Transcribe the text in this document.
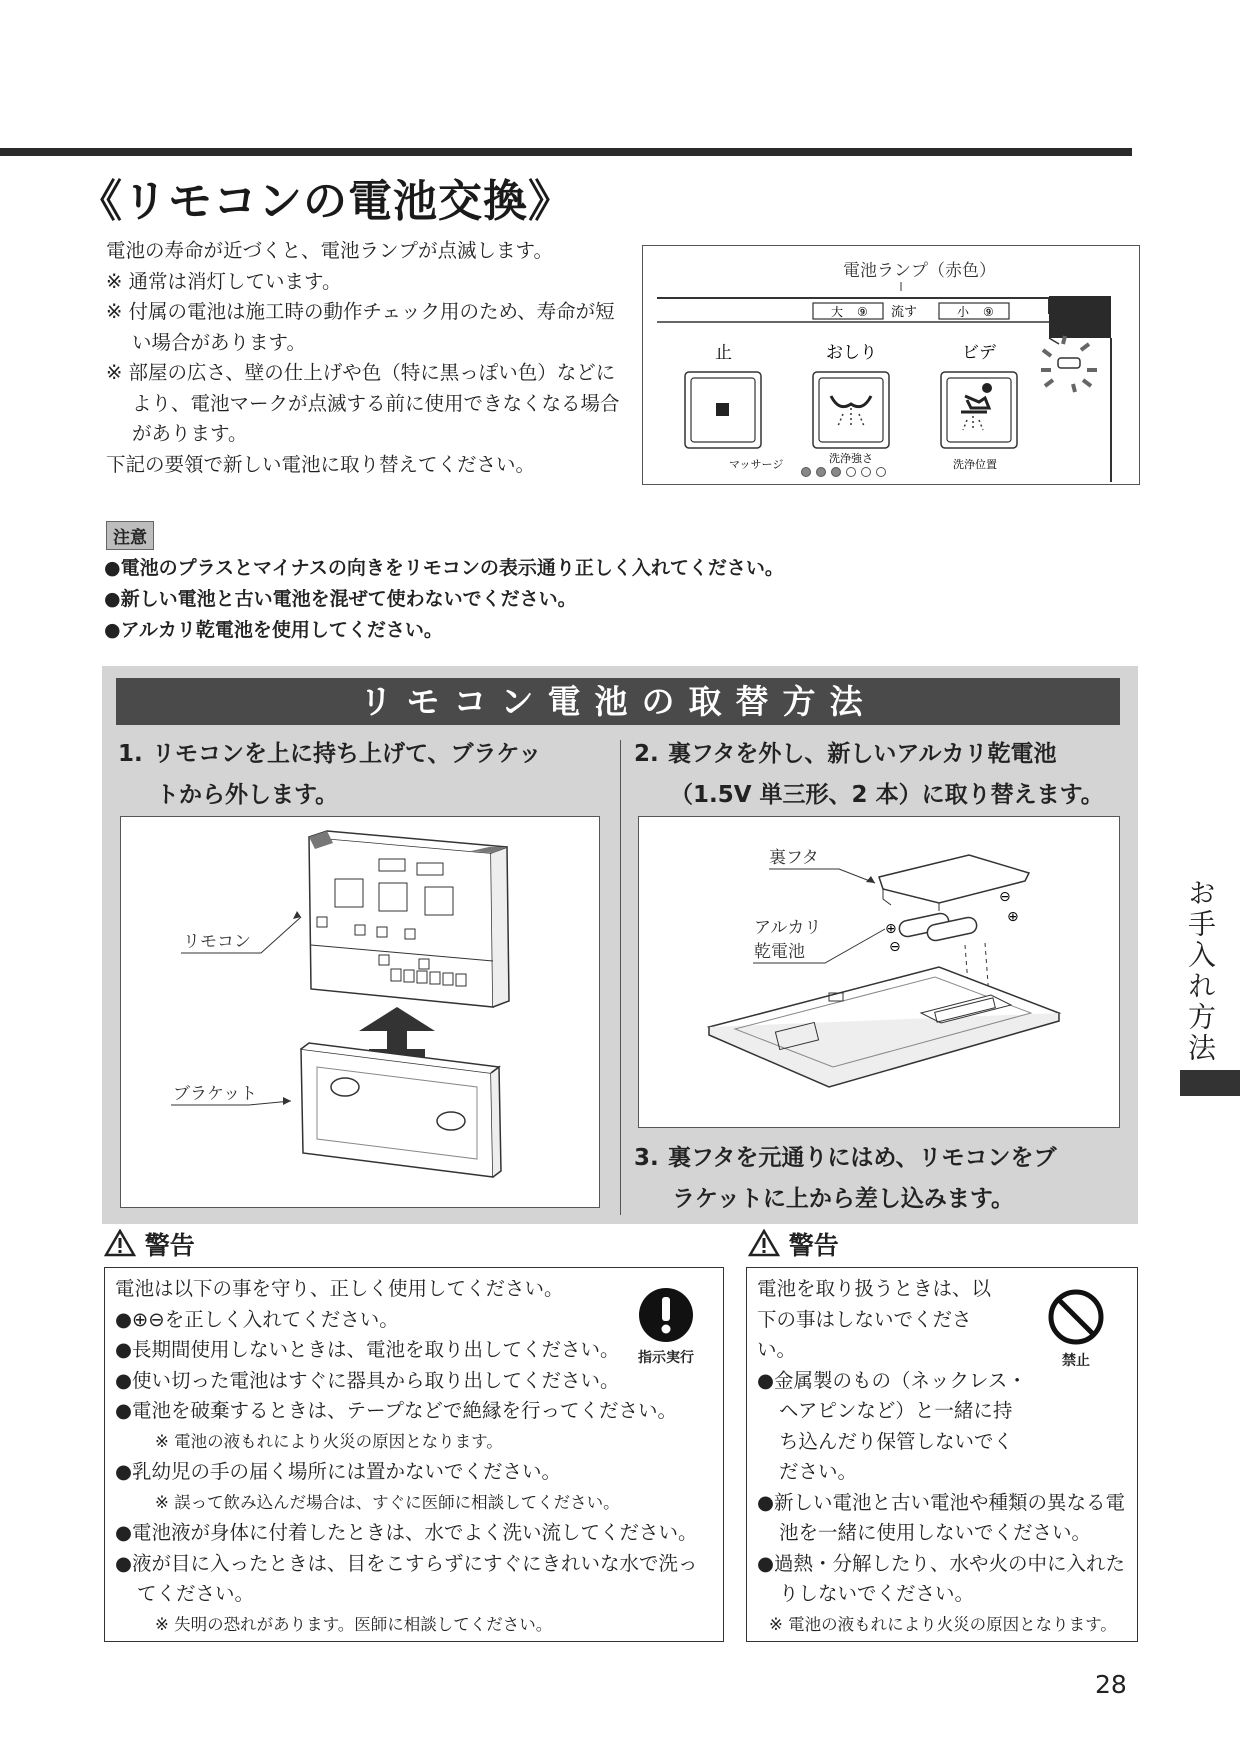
《リモコンの電池交換》

電池の寿命が近づくと、電池ランプが点滅します。

※ 通常は消灯しています。

※ 付属の電池は施工時の動作チェック用のため、寿命が短い場合があります。

※ 部屋の広さ、壁の仕上げや色（特に黒っぽい色）などにより、電池マークが点滅する前に使用できなくなる場合があります。

下記の要領で新しい電池に取り替えてください。

電池ランプ（赤色）
大 ⑨ 流す	小 ⑨
止	おしり	ビデ
マッサージ	洗浄強さ	洗浄位置
注意
●電池のプラスとマイナスの向きをリモコンの表示通り正しく入れてください。
●新しい電池と古い電池を混ぜて使わないでください。
●アルカリ乾電池を使用してください。
リモコン電池の取替方法
1. リモコンを上に持ち上げて、ブラケッ
トから外します。
2. 裏フタを外し、新しいアルカリ乾電池
（1.5V 単三形、2 本）に取り替えます。
3. 裏フタを元通りにはめ、リモコンをブ
ラケットに上から差し込みます。
リモコン
ブラケット
裏フタ
アルカリ
乾電池
⊕
⊖
⊖
⊕
警告
電池は以下の事を守り、正しく使用してください。
●⊕⊖を正しく入れてください。
●長期間使用しないときは、電池を取り出してください。
●使い切った電池はすぐに器具から取り出してください。
●電池を破棄するときは、テープなどで絶縁を行ってください。
※ 電池の液もれにより火災の原因となります。
●乳幼児の手の届く場所には置かないでください。
※ 誤って飲み込んだ場合は、すぐに医師に相談してください。
●電池液が身体に付着したときは、水でよく洗い流してください。
●液が目に入ったときは、目をこすらずにすぐにきれいな水で洗ってください。
※ 失明の恐れがあります。医師に相談してください。
指示実行
警告
電池を取り扱うときは、以下の事はしないでください。
●金属製のもの（ネックレス・ヘアピンなど）と一緒に持ち込んだり保管しないでください。
●新しい電池と古い電池や種類の異なる電池を一緒に使用しないでください。
●過熱・分解したり、水や火の中に入れたりしないでください。
※ 電池の液もれにより火災の原因となります。
禁止
お手入れ方法
28
